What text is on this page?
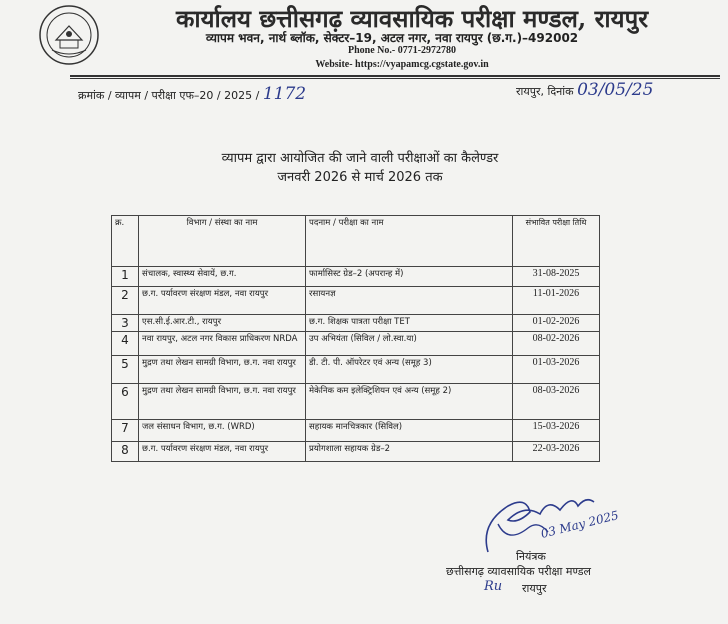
कार्यालय छत्तीसगढ़ व्यावसायिक परीक्षा मण्डल, रायपुर
व्यापम भवन, नार्थ ब्लॉक, सेक्टर–19, अटल नगर, नवा रायपुर (छ.ग.)–492002
Phone No.- 0771-2972780
Website- https://vyapamcg.cgstate.gov.in
क्रमांक / व्यापम / परीक्षा एफ–20 / 2025 / 1172	रायपुर, दिनांक 03/05/25
व्यापम द्वारा आयोजित की जाने वाली परीक्षाओं का कैलेण्डर
जनवरी 2026 से मार्च 2026 तक
क्र.	विभाग / संस्था का नाम	पदनाम / परीक्षा का नाम	संभावित परीक्षा तिथि
1	संचालक, स्वास्थ्य सेवायें, छ.ग.	फार्मासिस्ट ग्रेड–2 (अपरान्ह में)	31-08-2025
2	छ.ग. पर्यावरण संरक्षण मंडल, नवा रायपुर	रसायनज्ञ	11-01-2026
3	एस.सी.ई.आर.टी., रायपुर	छ.ग. शिक्षक पात्रता परीक्षा TET	01-02-2026
4	नवा रायपुर, अटल नगर विकास प्राधिकरण NRDA	उप अभियंता (सिविल / लो.स्वा.या)	08-02-2026
5	मुद्रण तथा लेखन सामग्री विभाग, छ.ग. नवा रायपुर	डी. टी. पी. ऑपरेटर एवं अन्य (समूह 3)	01-03-2026
6	मुद्रण तथा लेखन सामग्री विभाग, छ.ग. नवा रायपुर	मेकेनिक कम इलेक्ट्रिशियन एवं अन्य (समूह 2)	08-03-2026
7	जल संसाधन विभाग, छ.ग. (WRD)	सहायक मानचित्रकार (सिविल)	15-03-2026
8	छ.ग. पर्यावरण संरक्षण मंडल, नवा रायपुर	प्रयोगशाला सहायक ग्रेड–2	22-03-2026
03 May 2025
नियंत्रक
छत्तीसगढ़ व्यावसायिक परीक्षा मण्डल
Ru रायपुर
